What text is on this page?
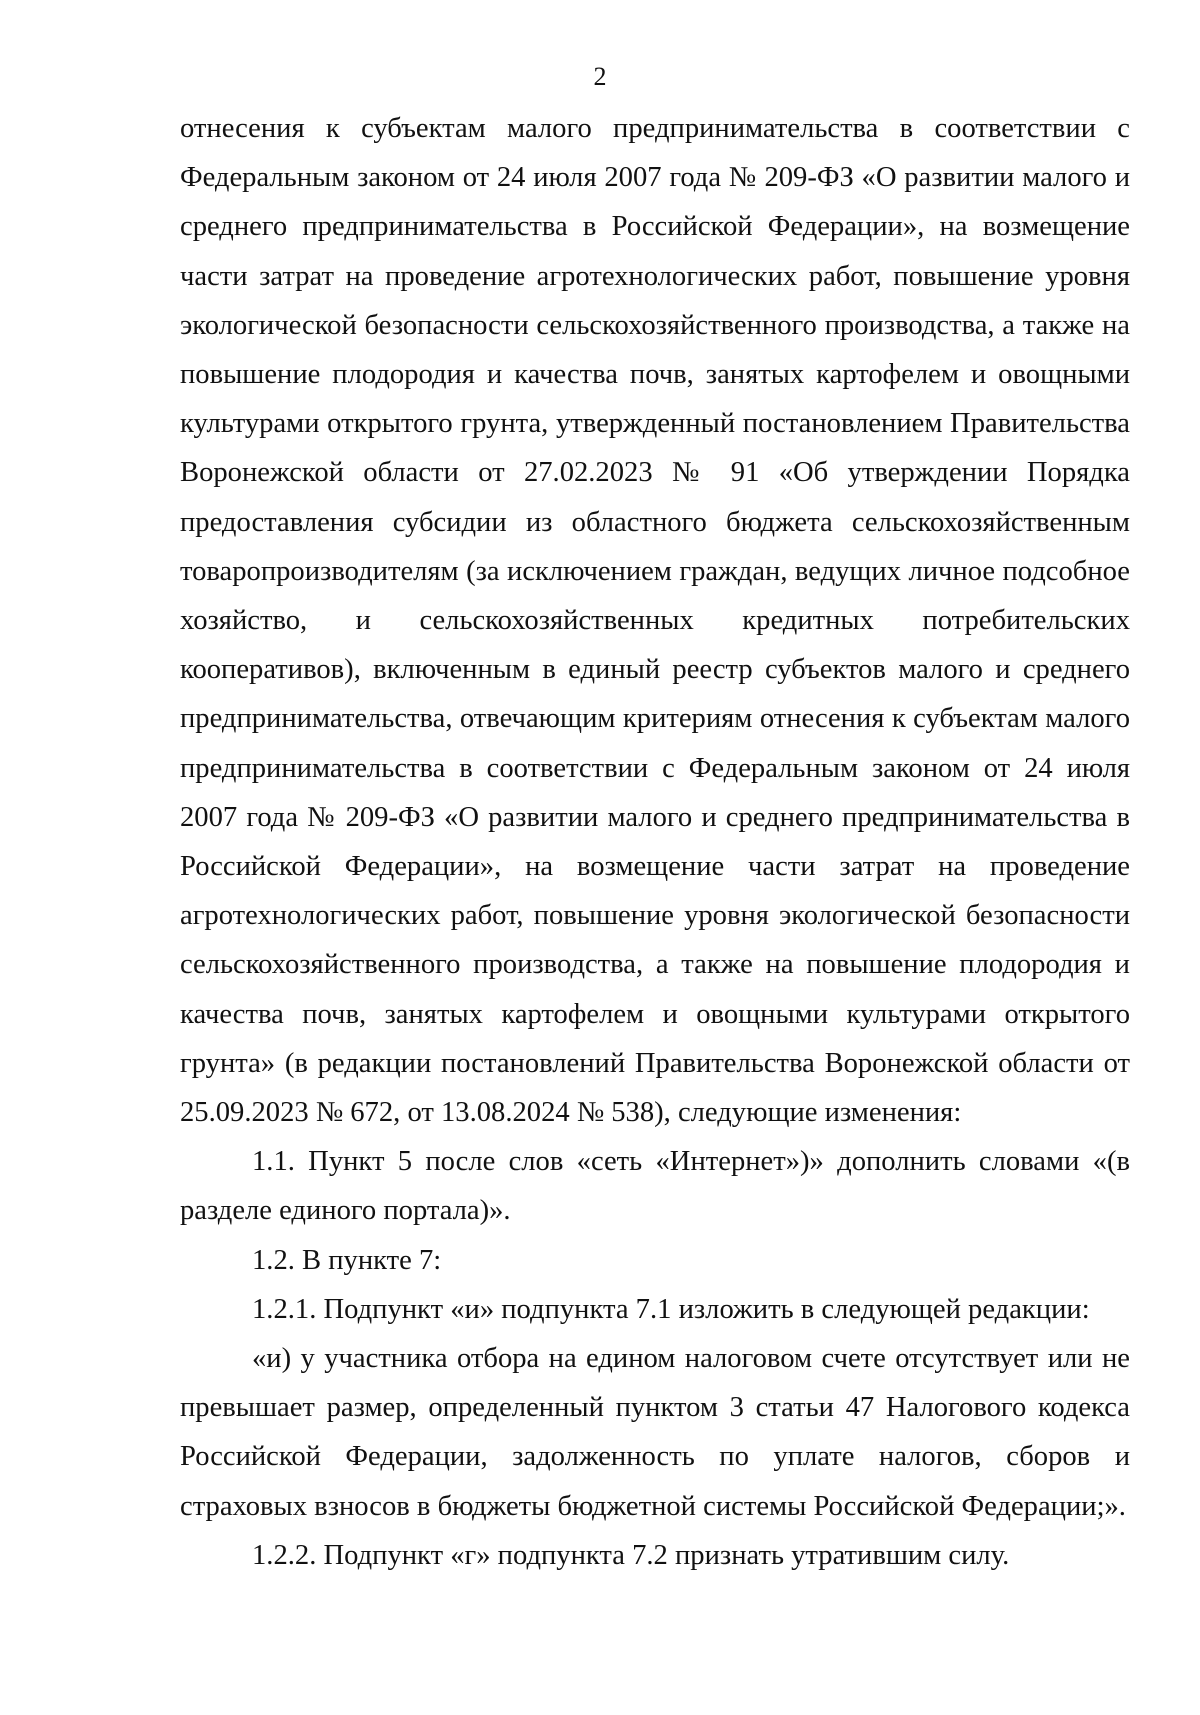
2

отнесения к субъектам малого предпринимательства в соответствии с Федеральным законом от 24 июля 2007 года № 209-ФЗ «О развитии малого и среднего предпринимательства в Российской Федерации», на возмещение части затрат на проведение агротехнологических работ, повышение уровня экологической безопасности сельскохозяйственного производства, а также на повышение плодородия и качества почв, занятых картофелем и овощными культурами открытого грунта, утвержденный постановлением Правительства Воронежской области от 27.02.2023 № 91 «Об утверждении Порядка предоставления субсидии из областного бюджета сельскохозяйственным товаропроизводителям (за исключением граждан, ведущих личное подсобное хозяйство, и сельскохозяйственных кредитных потребительских кооперативов), включенным в единый реестр субъектов малого и среднего предпринимательства, отвечающим критериям отнесения к субъектам малого предпринимательства в соответствии с Федеральным законом от 24 июля 2007 года № 209-ФЗ «О развитии малого и среднего предпринимательства в Российской Федерации», на возмещение части затрат на проведение агротехнологических работ, повышение уровня экологической безопасности сельскохозяйственного производства, а также на повышение плодородия и качества почв, занятых картофелем и овощными культурами открытого грунта» (в редакции постановлений Правительства Воронежской области от 25.09.2023 № 672, от 13.08.2024 № 538), следующие изменения:

1.1. Пункт 5 после слов «сеть «Интернет»)» дополнить словами «(в разделе единого портала)».

1.2. В пункте 7:

1.2.1. Подпункт «и» подпункта 7.1 изложить в следующей редакции:

«и) у участника отбора на едином налоговом счете отсутствует или не превышает размер, определенный пунктом 3 статьи 47 Налогового кодекса Российской Федерации, задолженность по уплате налогов, сборов и страховых взносов в бюджеты бюджетной системы Российской Федерации;».

1.2.2. Подпункт «г» подпункта 7.2 признать утратившим силу.
